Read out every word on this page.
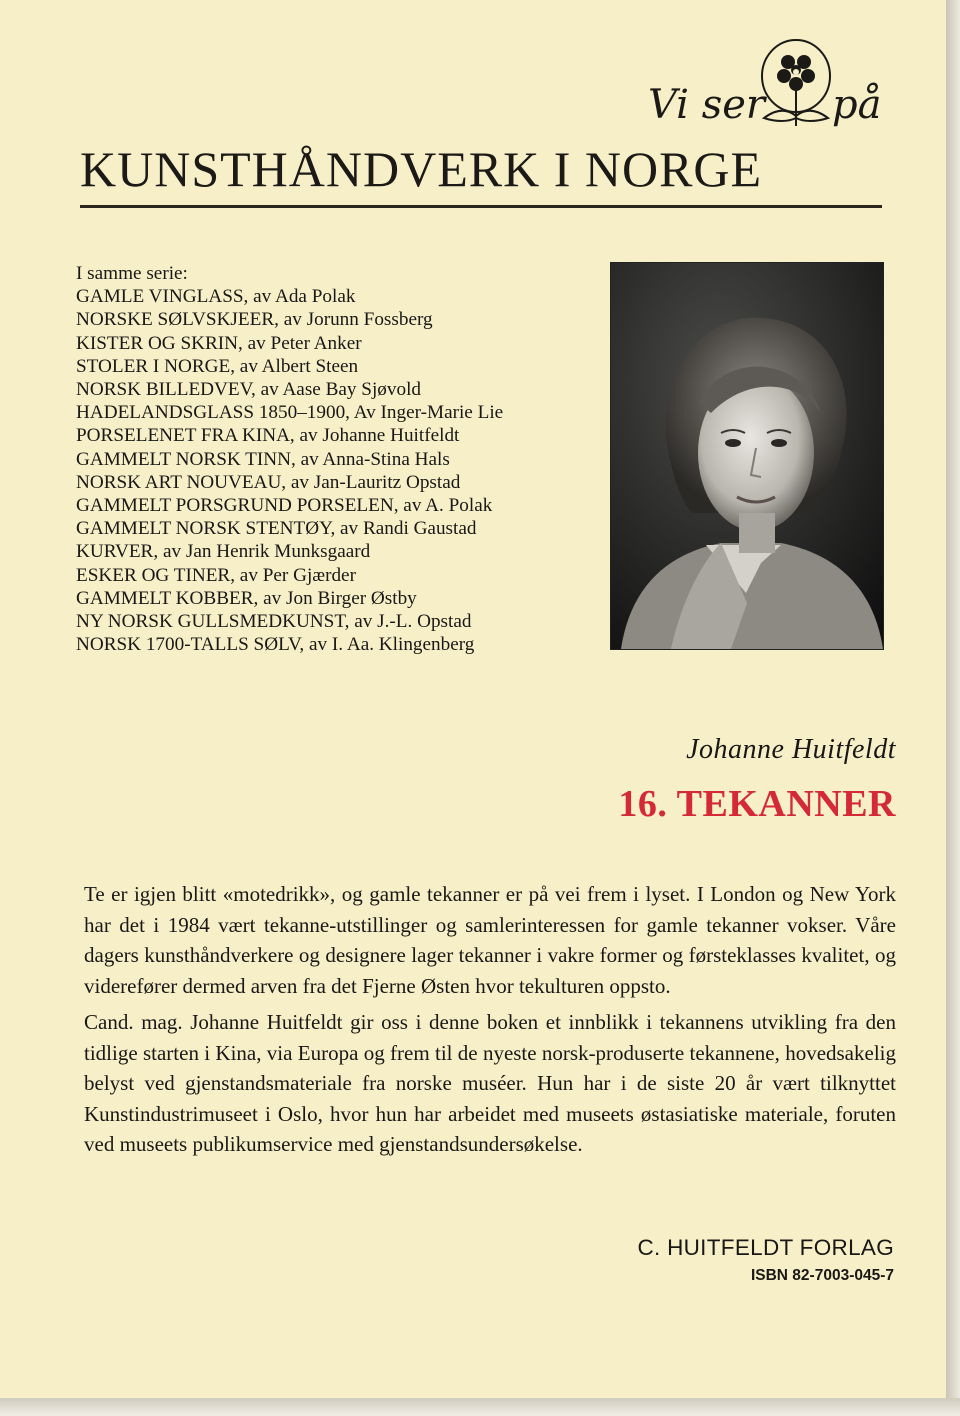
Vi ser på
KUNSTHÅNDVERK I NORGE
I samme serie:
GAMLE VINGLASS, av Ada Polak
NORSKE SØLVSKJEER, av Jorunn Fossberg
KISTER OG SKRIN, av Peter Anker
STOLER I NORGE, av Albert Steen
NORSK BILLEDVEV, av Aase Bay Sjøvold
HADELANDSGLASS 1850–1900, Av Inger-Marie Lie
PORSELENET FRA KINA, av Johanne Huitfeldt
GAMMELT NORSK TINN, av Anna-Stina Hals
NORSK ART NOUVEAU, av Jan-Lauritz Opstad
GAMMELT PORSGRUND PORSELEN, av A. Polak
GAMMELT NORSK STENTØY, av Randi Gaustad
KURVER, av Jan Henrik Munksgaard
ESKER OG TINER, av Per Gjærder
GAMMELT KOBBER, av Jon Birger Østby
NY NORSK GULLSMEDKUNST, av J.-L. Opstad
NORSK 1700-TALLS SØLV, av I. Aa. Klingenberg
Johanne Huitfeldt
16. TEKANNER

Te er igjen blitt «motedrikk», og gamle tekanner er på vei frem i lyset. I London og New York har det i 1984 vært tekanne-utstillinger og samlerinteressen for gamle tekanner vokser. Våre dagers kunsthåndverkere og designere lager tekanner i vakre former og førsteklasses kvalitet, og viderefører dermed arven fra det Fjerne Østen hvor tekulturen oppsto.

Cand. mag. Johanne Huitfeldt gir oss i denne boken et innblikk i tekannens utvikling fra den tidlige starten i Kina, via Europa og frem til de nyeste norsk-produserte tekannene, hovedsakelig belyst ved gjenstandsmateriale fra norske muséer. Hun har i de siste 20 år vært tilknyttet Kunstindustrimuseet i Oslo, hvor hun har arbeidet med museets østasiatiske materiale, foruten ved museets publikumservice med gjenstandsundersøkelse.

C. HUITFELDT FORLAG
ISBN 82-7003-045-7
